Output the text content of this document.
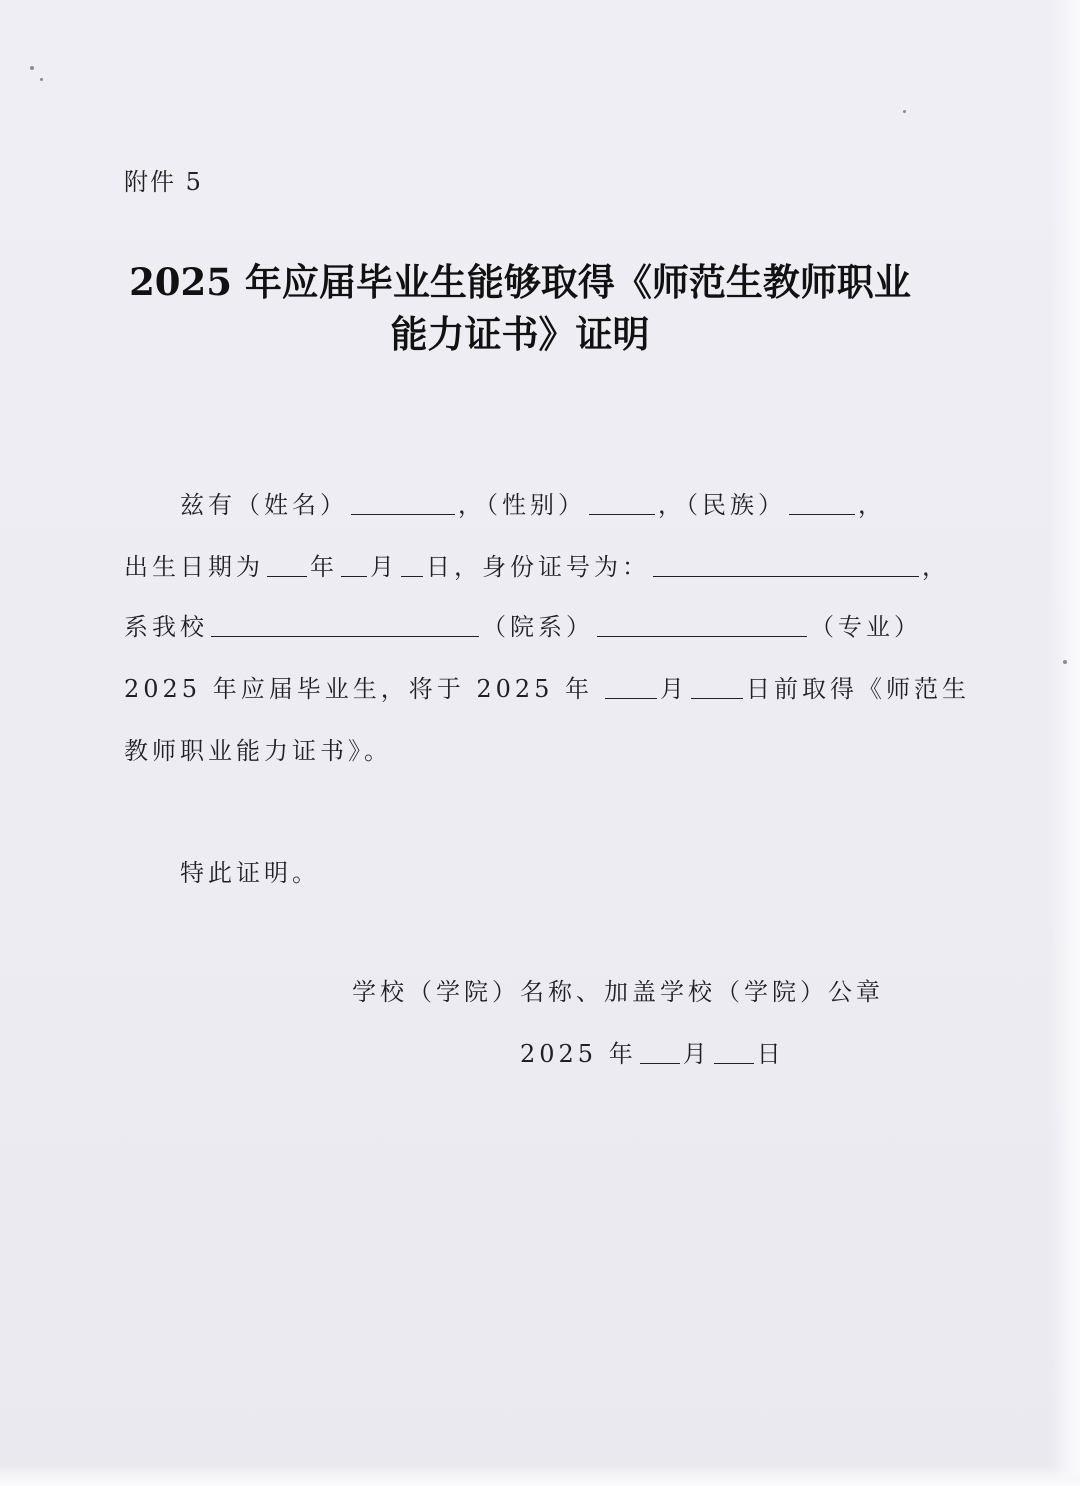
附件 5
2025 年应届毕业生能够取得《师范生教师职业
能力证书》证明
兹有（姓名）	，（性别）	，（民族）	，
出生日期为 年 月 日，身份证号为：	，
系我校	（院系）	（专业）
2025 年应届毕业生，将于 2025 年	月 日前取得《师范生
教师职业能力证书》。
特此证明。
学校（学院）名称、加盖学校（学院）公章
2025 年 月 日
